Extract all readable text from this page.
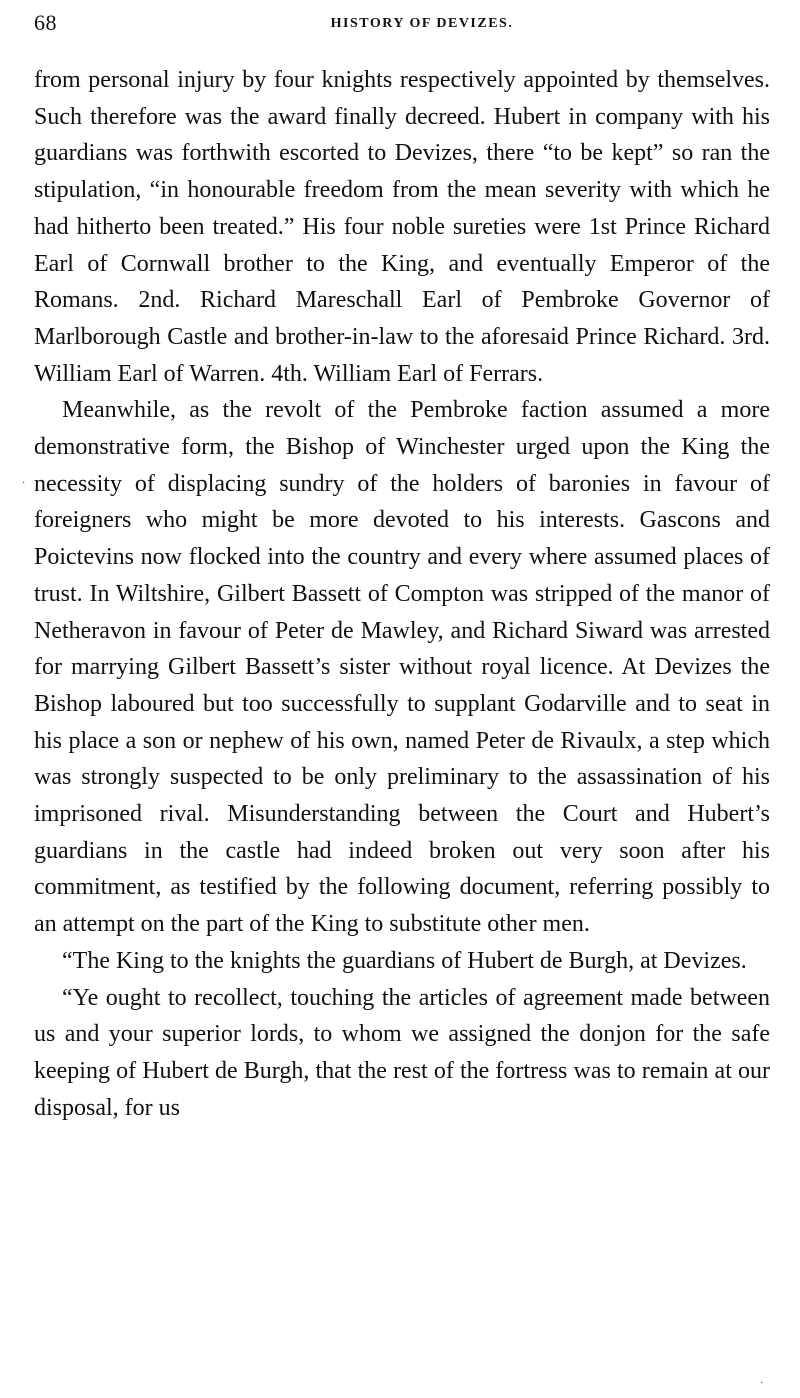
68	HISTORY OF DEVIZES.

from personal injury by four knights respectively appointed by themselves. Such therefore was the award finally decreed. Hubert in company with his guardians was forthwith escorted to Devizes, there “to be kept” so ran the stipulation, “in honourable freedom from the mean severity with which he had hitherto been treated.” His four noble sureties were 1st Prince Richard Earl of Cornwall brother to the King, and eventually Emperor of the Romans. 2nd. Richard Mareschall Earl of Pembroke Governor of Marlborough Castle and brother-in-law to the aforesaid Prince Richard. 3rd. William Earl of Warren. 4th. William Earl of Ferrars.

Meanwhile, as the revolt of the Pembroke faction assumed a more demonstrative form, the Bishop of Winchester urged upon the King the necessity of displacing sundry of the holders of baronies in favour of foreigners who might be more devoted to his interests. Gascons and Poictevins now flocked into the country and every where assumed places of trust. In Wiltshire, Gilbert Bassett of Compton was stripped of the manor of Netheravon in favour of Peter de Mawley, and Richard Siward was arrested for marrying Gilbert Bassett’s sister without royal licence. At Devizes the Bishop laboured but too successfully to supplant Godarville and to seat in his place a son or nephew of his own, named Peter de Rivaulx, a step which was strongly suspected to be only preliminary to the assassination of his imprisoned rival. Misunderstanding between the Court and Hubert’s guardians in the castle had indeed broken out very soon after his commitment, as testified by the following document, referring possibly to an attempt on the part of the King to substitute other men.

“The King to the knights the guardians of Hubert de Burgh, at Devizes.

“Ye ought to recollect, touching the articles of agreement made between us and your superior lords, to whom we assigned the donjon for the safe keeping of Hubert de Burgh, that the rest of the fortress was to remain at our disposal, for us

·
·
